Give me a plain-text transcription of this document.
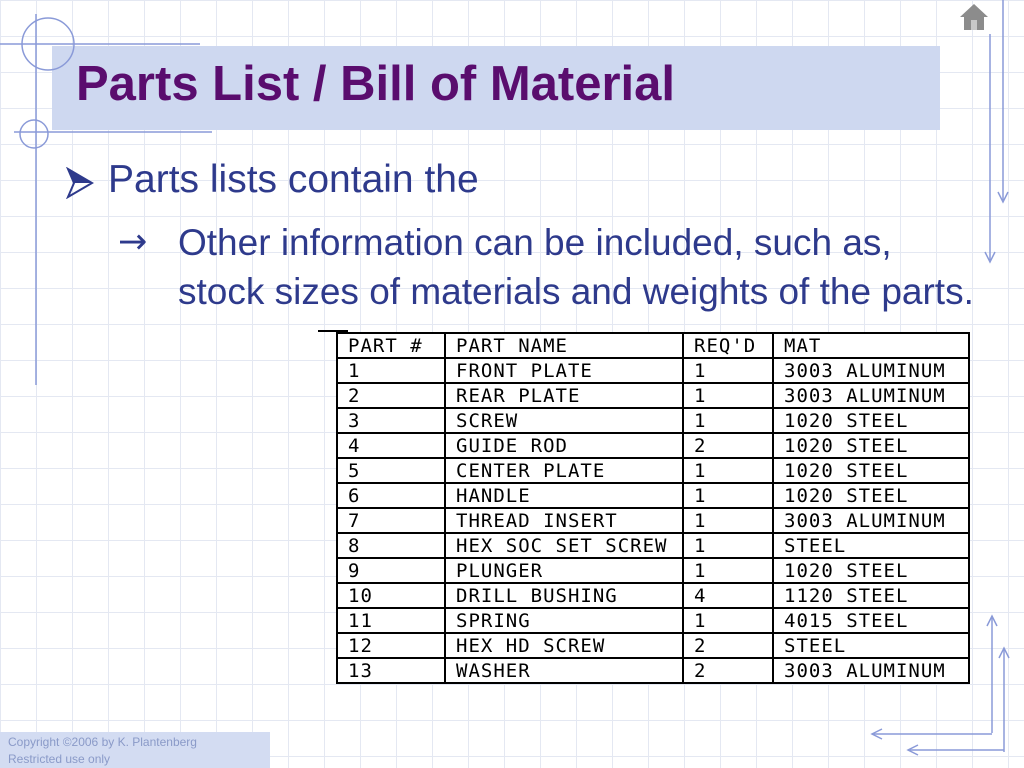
Parts List / Bill of Material

Parts lists contain the

→ Other information can be included, such as, stock sizes of materials and weights of the parts.

PART #	PART NAME	REQ'D	MAT
1	FRONT PLATE	1	3003 ALUMINUM
2	REAR PLATE	1	3003 ALUMINUM
3	SCREW	1	1020 STEEL
4	GUIDE ROD	2	1020 STEEL
5	CENTER PLATE	1	1020 STEEL
6	HANDLE	1	1020 STEEL
7	THREAD INSERT	1	3003 ALUMINUM
8	HEX SOC SET SCREW	1	STEEL
9	PLUNGER	1	1020 STEEL
10	DRILL BUSHING	4	1120 STEEL
11	SPRING	1	4015 STEEL
12	HEX HD SCREW	2	STEEL
13	WASHER	2	3003 ALUMINUM
Copyright ©2006 by K. Plantenberg
Restricted use only
